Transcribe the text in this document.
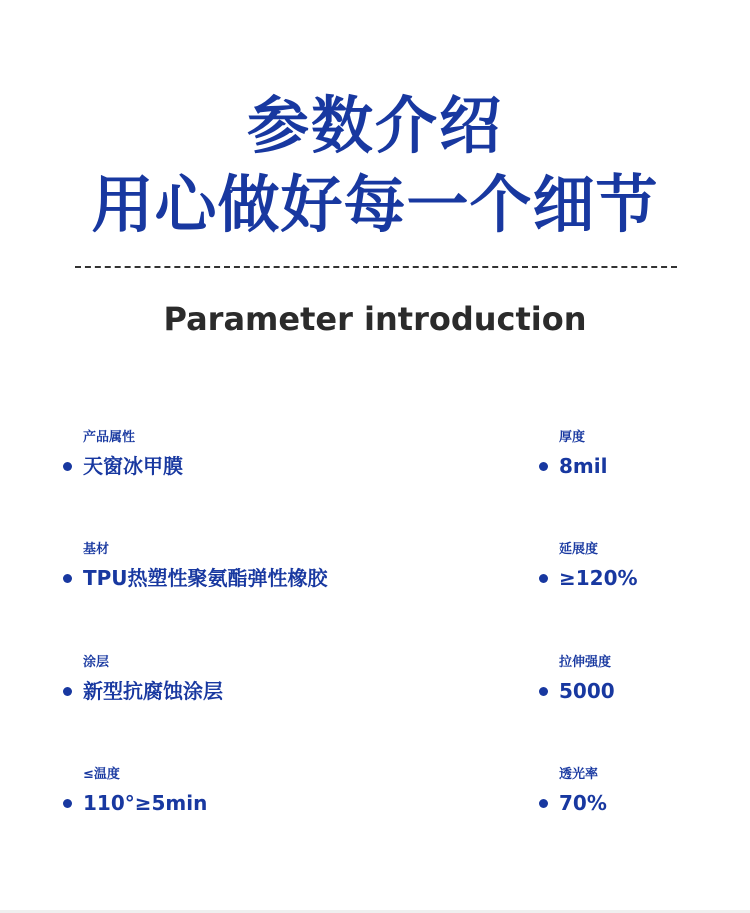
参数介绍
用心做好每一个细节
Parameter introduction
产品属性
天窗冰甲膜
厚度
8mil
基材
TPU热塑性聚氨酯弹性橡胶
延展度
≥120%
涂层
新型抗腐蚀涂层
拉伸强度
5000
≤温度
110°≥5min
透光率
70%
